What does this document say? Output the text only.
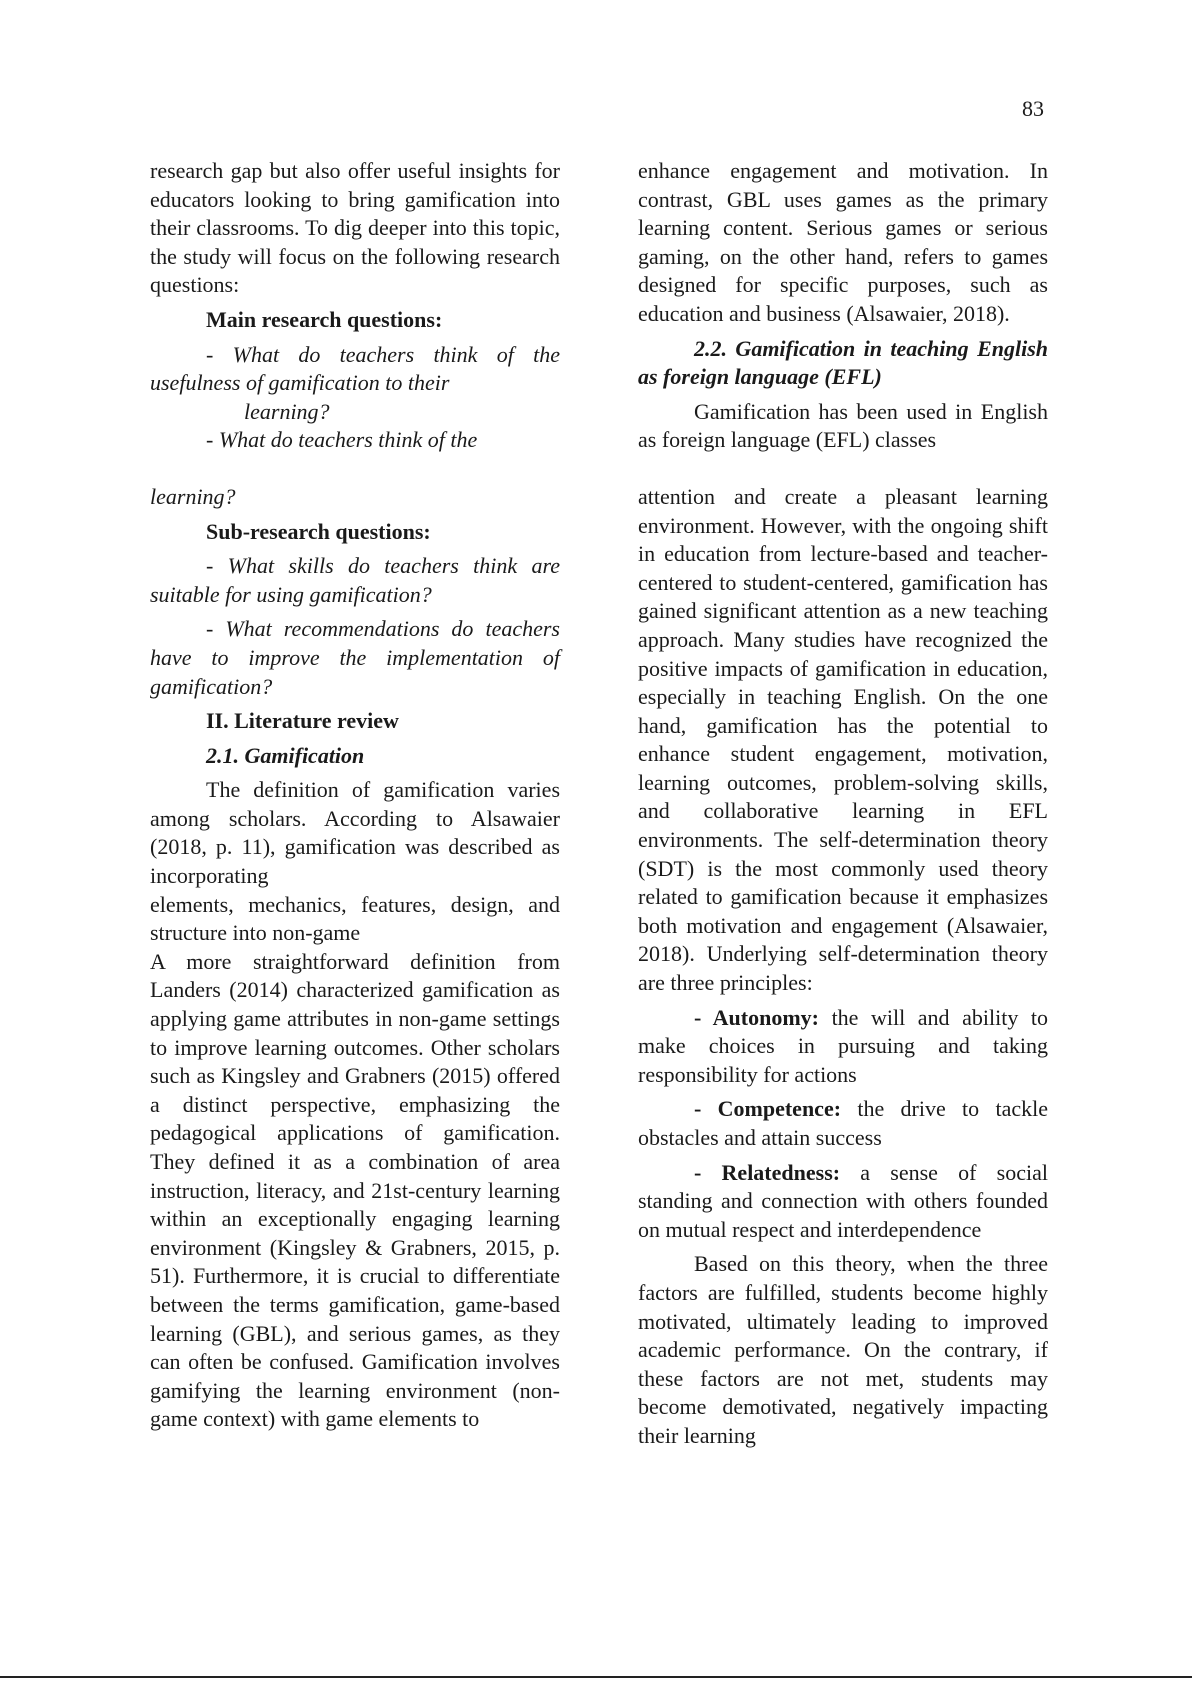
83

research gap but also offer useful insights for educators looking to bring gamification into their classrooms. To dig deeper into this topic, the study will focus on the following research questions:

Main research questions:

- What do teachers think of the usefulness of gamification to their

learning?

- What do teachers think of the

learning?

Sub-research questions:

- What skills do teachers think are suitable for using gamification?

- What recommendations do teachers have to improve the implementation of gamification?

II. Literature review

2.1. Gamification

The definition of gamification varies among scholars. According to Alsawaier (2018, p. 11), gamification was described as incorporating

elements, mechanics, features, design, and structure into non-game

A more straightforward definition from Landers (2014) characterized gamification as applying game attributes in non-game settings to improve learning outcomes. Other scholars such as Kingsley and Grabners (2015) offered a distinct perspective, emphasizing the pedagogical applications of gamification. They defined it as a combination of area instruction, literacy, and 21st-century learning within an exceptionally engaging learning environment (Kingsley & Grabners, 2015, p. 51). Furthermore, it is crucial to differentiate between the terms gamification, game-based learning (GBL), and serious games, as they can often be confused. Gamification involves gamifying the learning environment (non-game context) with game elements to

enhance engagement and motivation. In contrast, GBL uses games as the primary learning content. Serious games or serious gaming, on the other hand, refers to games designed for specific purposes, such as education and business (Alsawaier, 2018).

2.2. Gamification in teaching English as foreign language (EFL)

Gamification has been used in English as foreign language (EFL) classes

attention and create a pleasant learning environment. However, with the ongoing shift in education from lecture-based and teacher-centered to student-centered, gamification has gained significant attention as a new teaching approach. Many studies have recognized the positive impacts of gamification in education, especially in teaching English. On the one hand, gamification has the potential to enhance student engagement, motivation, learning outcomes, problem-solving skills, and collaborative learning in EFL environments. The self-determination theory (SDT) is the most commonly used theory related to gamification because it emphasizes both motivation and engagement (Alsawaier, 2018). Underlying self-determination theory are three principles:

- Autonomy: the will and ability to make choices in pursuing and taking responsibility for actions

- Competence: the drive to tackle obstacles and attain success

- Relatedness: a sense of social standing and connection with others founded on mutual respect and interdependence

Based on this theory, when the three factors are fulfilled, students become highly motivated, ultimately leading to improved academic performance. On the contrary, if these factors are not met, students may become demotivated, negatively impacting their learning
